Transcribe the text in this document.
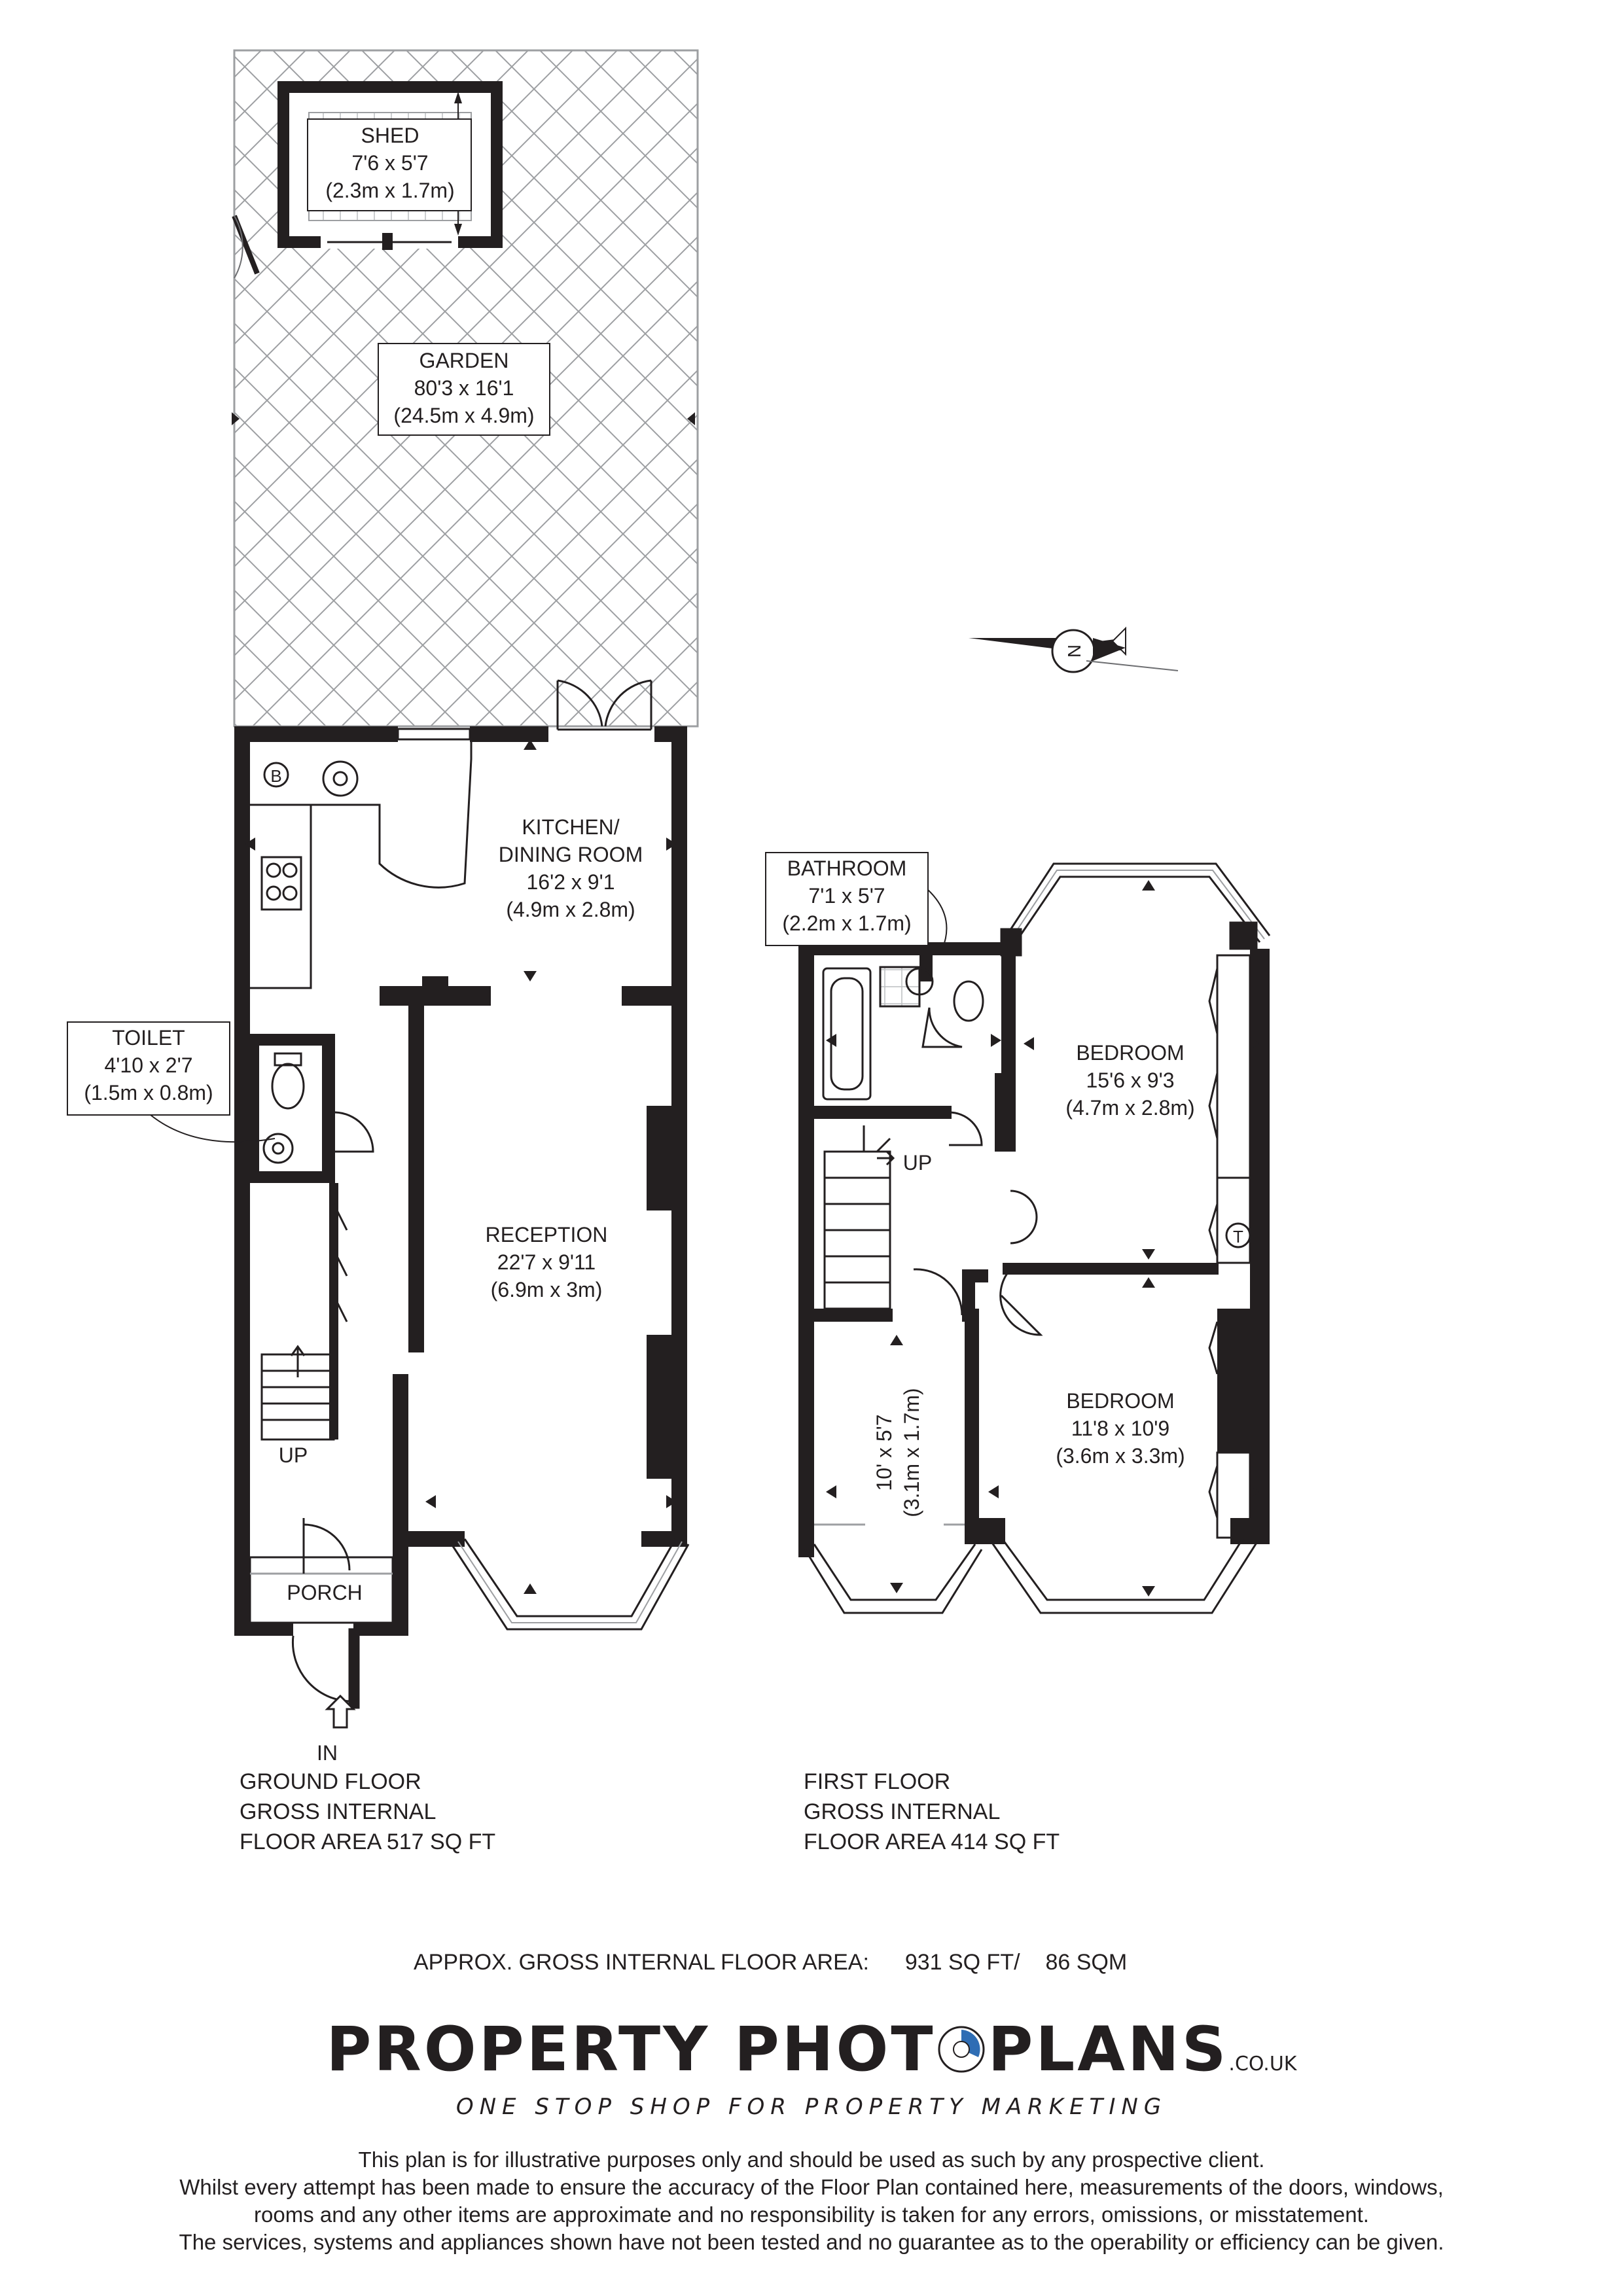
SHED
7'6 x 5'7
(2.3m x 1.7m)
GARDEN
80'3 x 16'1
(24.5m x 4.9m)
KITCHEN/
DINING ROOM
16'2 x 9'1
(4.9m x 2.8m)
TOILET
4'10 x 2'7
(1.5m x 0.8m)
RECEPTION
22'7 x 9'11
(6.9m x 3m)
PORCH
BATHROOM
7'1 x 5'7
(2.2m x 1.7m)
BEDROOM
15'6 x 9'3
(4.7m x 2.8m)
BEDROOM
11'8 x 10'9
(3.6m x 3.3m)
10' x 5'7 (3.1m x 1.7m)
B
T
UP
UP
IN
N
GROUND FLOOR
GROSS INTERNAL
FLOOR AREA 517 SQ FT
FIRST FLOOR
GROSS INTERNAL
FLOOR AREA 414 SQ FT
APPROX. GROSS INTERNAL FLOOR AREA: 931 SQ FT/ 86 SQM
PROPERTY PHOT PLANS.CO.UK
ONE STOP SHOP FOR PROPERTY MARKETING
This plan is for illustrative purposes only and should be used as such by any prospective client.
Whilst every attempt has been made to ensure the accuracy of the Floor Plan contained here, measurements of the doors, windows,
rooms and any other items are approximate and no responsibility is taken for any errors, omissions, or misstatement.
The services, systems and appliances shown have not been tested and no guarantee as to the operability or efficiency can be given.
